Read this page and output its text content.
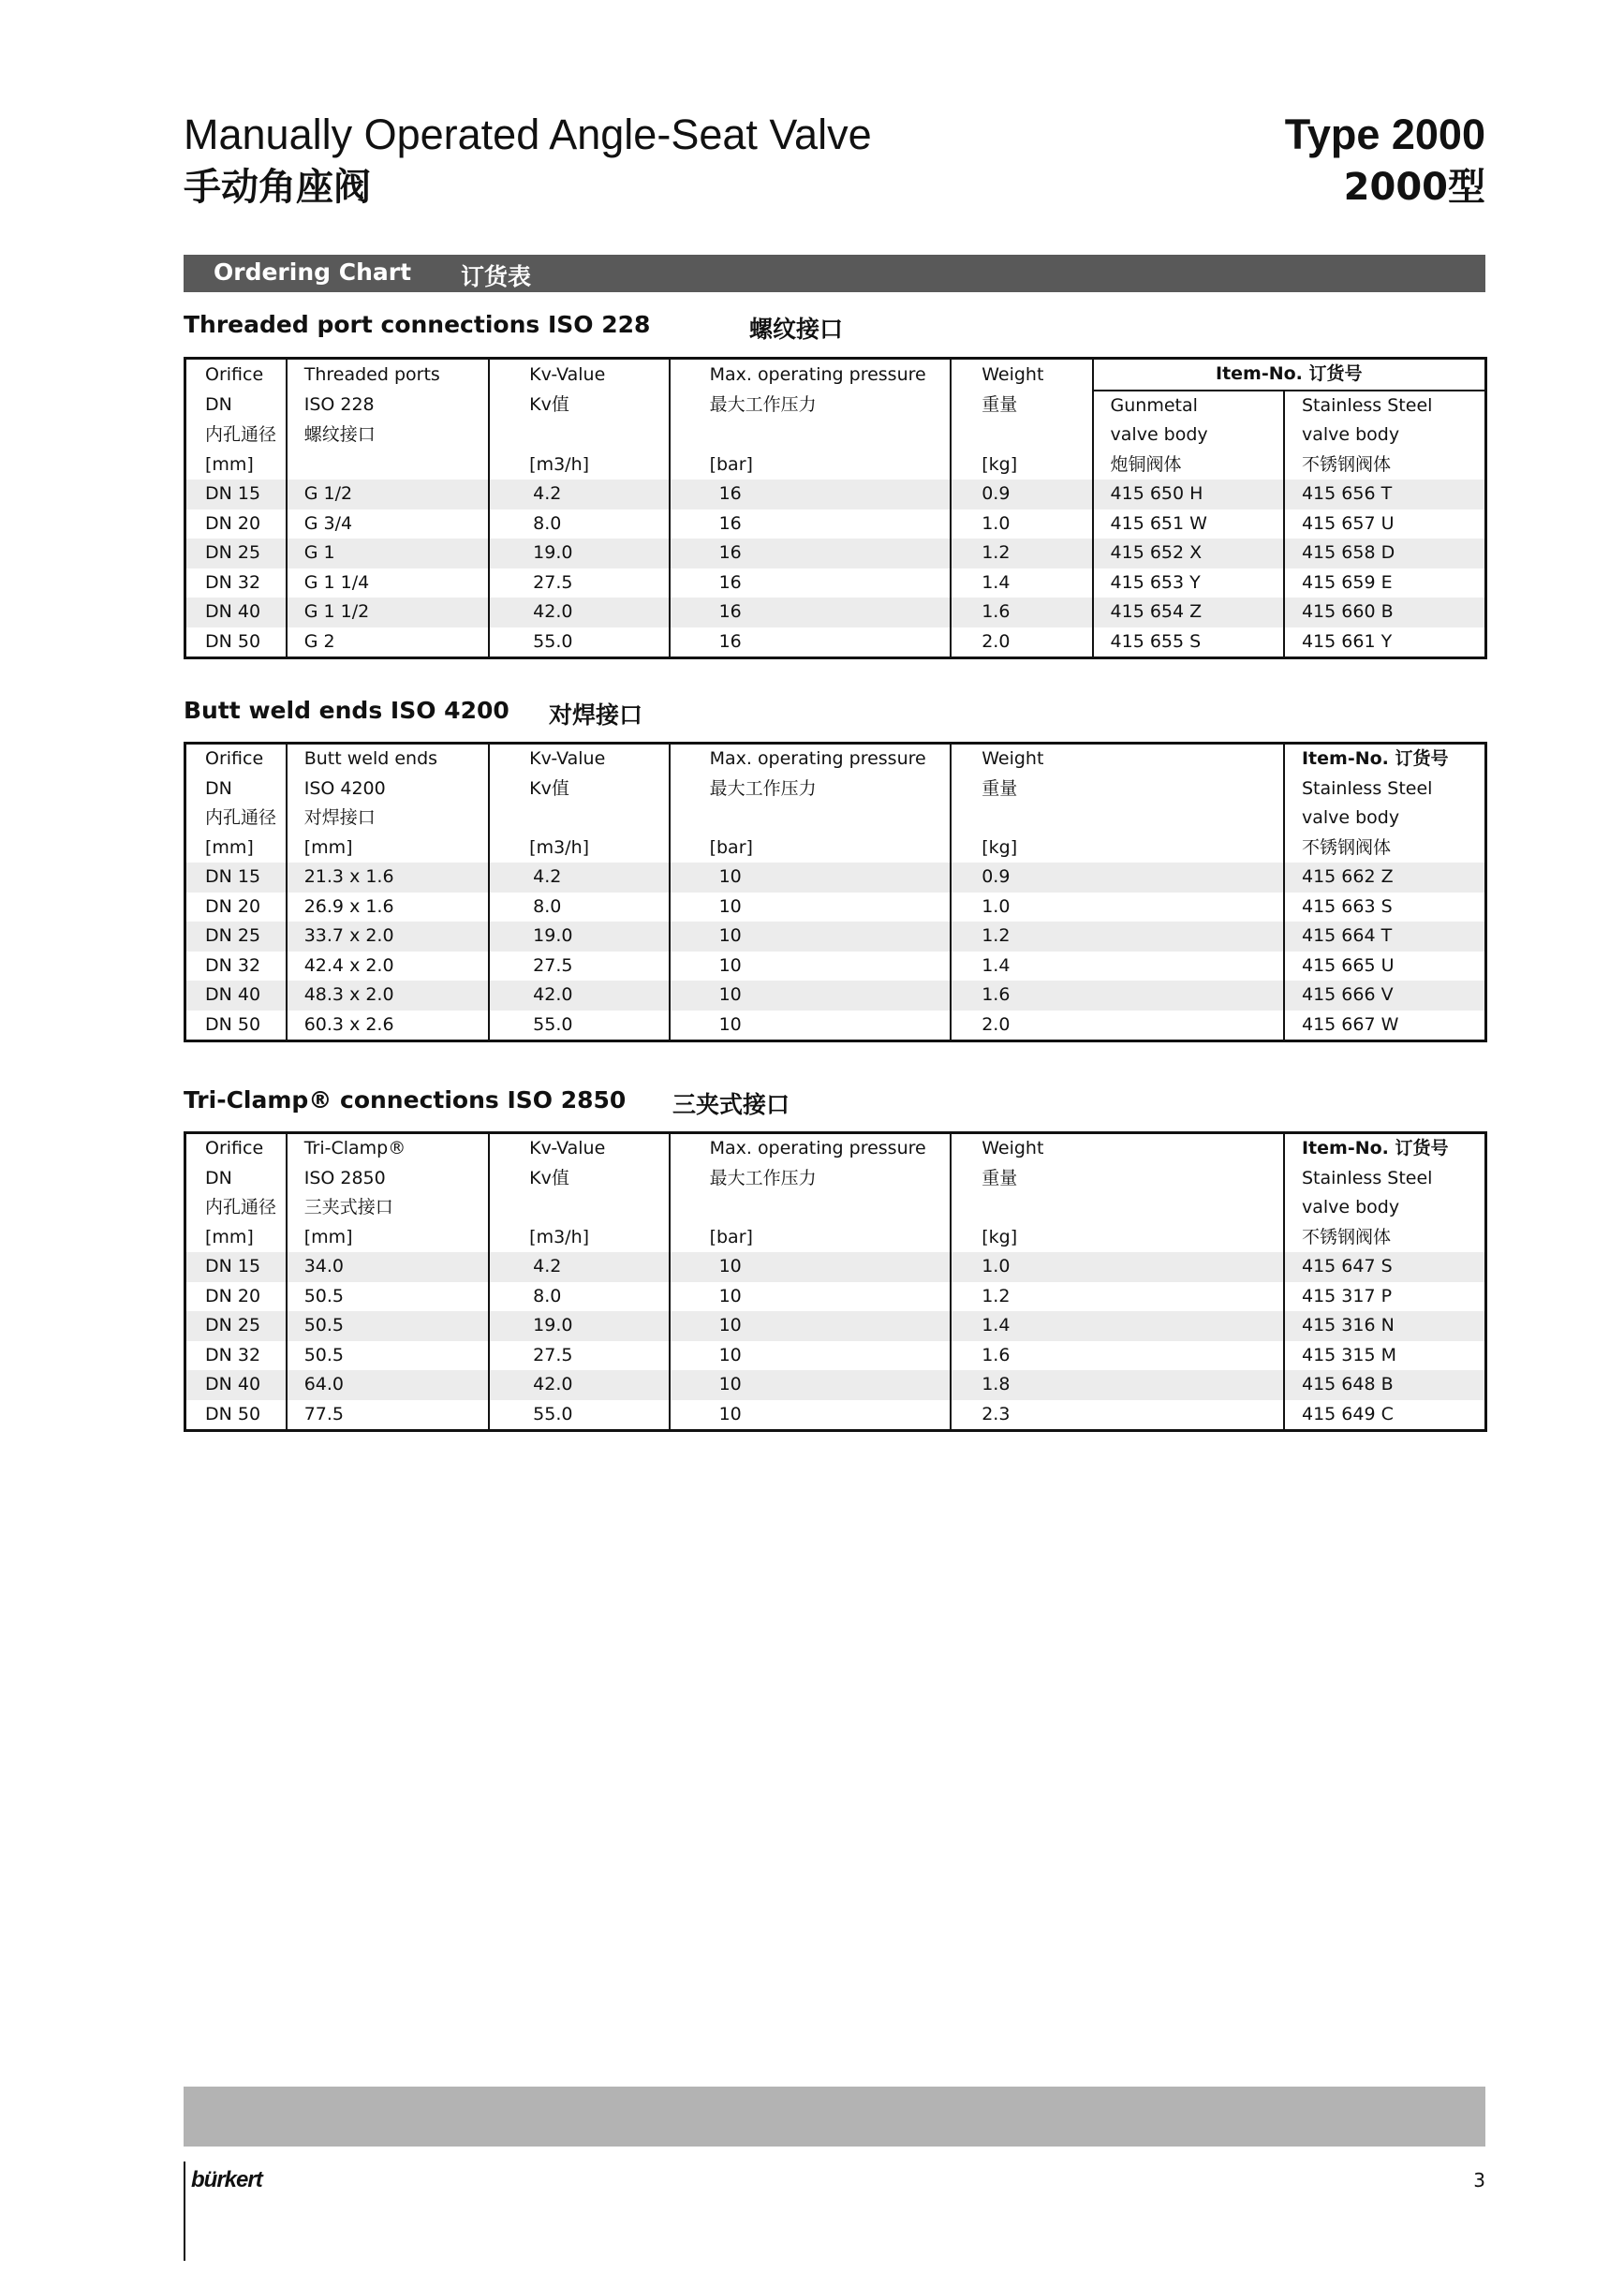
Manually Operated Angle-Seat Valve
手动角座阀
Type 2000
2000型
Ordering Chart 订货表
Threaded port connections ISO 228	螺纹接口
Orifice	Threaded ports	Kv-Value	Max. operating pressure	Weight	Item-No. 订货号	
DN	ISO 228	Kv值	最大工作压力	重量	Gunmetal	Stainless Steel
内孔通径	螺纹接口				valve body	valve body
[mm]		[m3/h]	[bar]	[kg]	炮铜阀体	不锈钢阀体
DN 15	G 1/2	4.2	16	0.9	415 650 H	415 656 T
DN 20	G 3/4	8.0	16	1.0	415 651 W	415 657 U
DN 25	G 1	19.0	16	1.2	415 652 X	415 658 D
DN 32	G 1 1/4	27.5	16	1.4	415 653 Y	415 659 E
DN 40	G 1 1/2	42.0	16	1.6	415 654 Z	415 660 B
DN 50	G 2	55.0	16	2.0	415 655 S	415 661 Y
Butt weld ends ISO 4200 对焊接口
Orifice	Butt weld ends	Kv-Value	Max. operating pressure	Weight	Item-No. 订货号
DN	ISO 4200	Kv值	最大工作压力	重量	Stainless Steel
内孔通径	对焊接口				valve body
[mm]	[mm]	[m3/h]	[bar]	[kg]	不锈钢阀体
DN 15	21.3 x 1.6	4.2	10	0.9	415 662 Z
DN 20	26.9 x 1.6	8.0	10	1.0	415 663 S
DN 25	33.7 x 2.0	19.0	10	1.2	415 664 T
DN 32	42.4 x 2.0	27.5	10	1.4	415 665 U
DN 40	48.3 x 2.0	42.0	10	1.6	415 666 V
DN 50	60.3 x 2.6	55.0	10	2.0	415 667 W
Tri-Clamp® connections ISO 2850 三夹式接口
Orifice	Tri-Clamp®	Kv-Value	Max. operating pressure	Weight	Item-No. 订货号
DN	ISO 2850	Kv值	最大工作压力	重量	Stainless Steel
内孔通径	三夹式接口				valve body
[mm]	[mm]	[m3/h]	[bar]	[kg]	不锈钢阀体
DN 15	34.0	4.2	10	1.0	415 647 S
DN 20	50.5	8.0	10	1.2	415 317 P
DN 25	50.5	19.0	10	1.4	415 316 N
DN 32	50.5	27.5	10	1.6	415 315 M
DN 40	64.0	42.0	10	1.8	415 648 B
DN 50	77.5	55.0	10	2.3	415 649 C
bürkert	3
